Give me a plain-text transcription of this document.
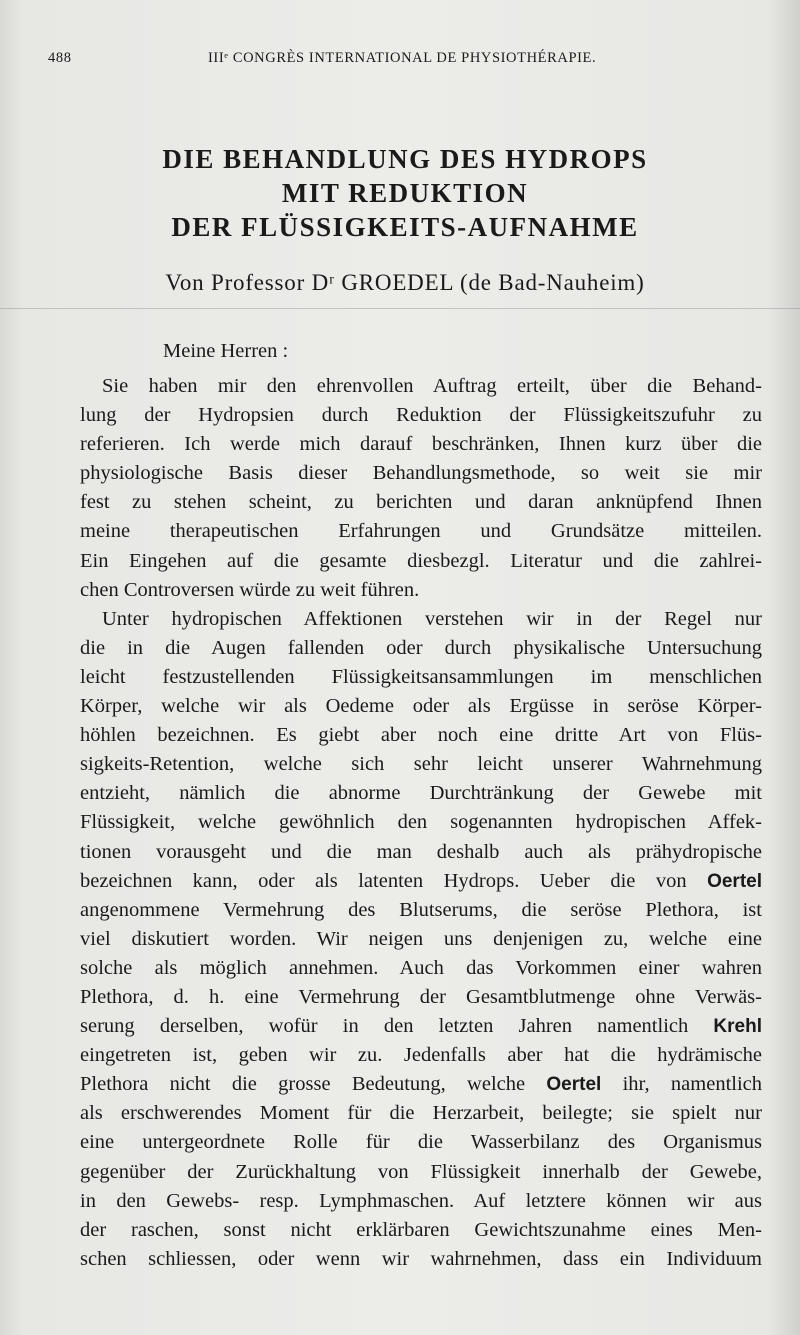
488	IIIᵉ CONGRÈS INTERNATIONAL DE PHYSIOTHÉRAPIE.
DIE BEHANDLUNG DES HYDROPS
MIT REDUKTION
DER FLÜSSIGKEITS-AUFNAHME
Von Professor Dʳ GROEDEL (de Bad-Nauheim)
Meine Herren :
Sie haben mir den ehrenvollen Auftrag erteilt, über die Behand-
lung der Hydropsien durch Reduktion der Flüssigkeitszufuhr zu
referieren. Ich werde mich darauf beschränken, Ihnen kurz über die
physiologische Basis dieser Behandlungsmethode, so weit sie mir
fest zu stehen scheint, zu berichten und daran anknüpfend Ihnen
meine therapeutischen Erfahrungen und Grundsätze mitteilen.
Ein Eingehen auf die gesamte diesbezgl. Literatur und die zahlrei-
chen Controversen würde zu weit führen.
Unter hydropischen Affektionen verstehen wir in der Regel nur
die in die Augen fallenden oder durch physikalische Untersuchung
leicht festzustellenden Flüssigkeitsansammlungen im menschlichen
Körper, welche wir als Oedeme oder als Ergüsse in seröse Körper-
höhlen bezeichnen. Es giebt aber noch eine dritte Art von Flüs-
sigkeits-Retention, welche sich sehr leicht unserer Wahrnehmung
entzieht, nämlich die abnorme Durchtränkung der Gewebe mit
Flüssigkeit, welche gewöhnlich den sogenannten hydropischen Affek-
tionen vorausgeht und die man deshalb auch als prähydropische
bezeichnen kann, oder als latenten Hydrops. Ueber die von Oertel
angenommene Vermehrung des Blutserums, die seröse Plethora, ist
viel diskutiert worden. Wir neigen uns denjenigen zu, welche eine
solche als möglich annehmen. Auch das Vorkommen einer wahren
Plethora, d. h. eine Vermehrung der Gesamtblutmenge ohne Verwäs-
serung derselben, wofür in den letzten Jahren namentlich Krehl
eingetreten ist, geben wir zu. Jedenfalls aber hat die hydrämische
Plethora nicht die grosse Bedeutung, welche Oertel ihr, namentlich
als erschwerendes Moment für die Herzarbeit, beilegte; sie spielt nur
eine untergeordnete Rolle für die Wasserbilanz des Organismus
gegenüber der Zurückhaltung von Flüssigkeit innerhalb der Gewebe,
in den Gewebs- resp. Lymphmaschen. Auf letztere können wir aus
der raschen, sonst nicht erklärbaren Gewichtszunahme eines Men-
schen schliessen, oder wenn wir wahrnehmen, dass ein Individuum
